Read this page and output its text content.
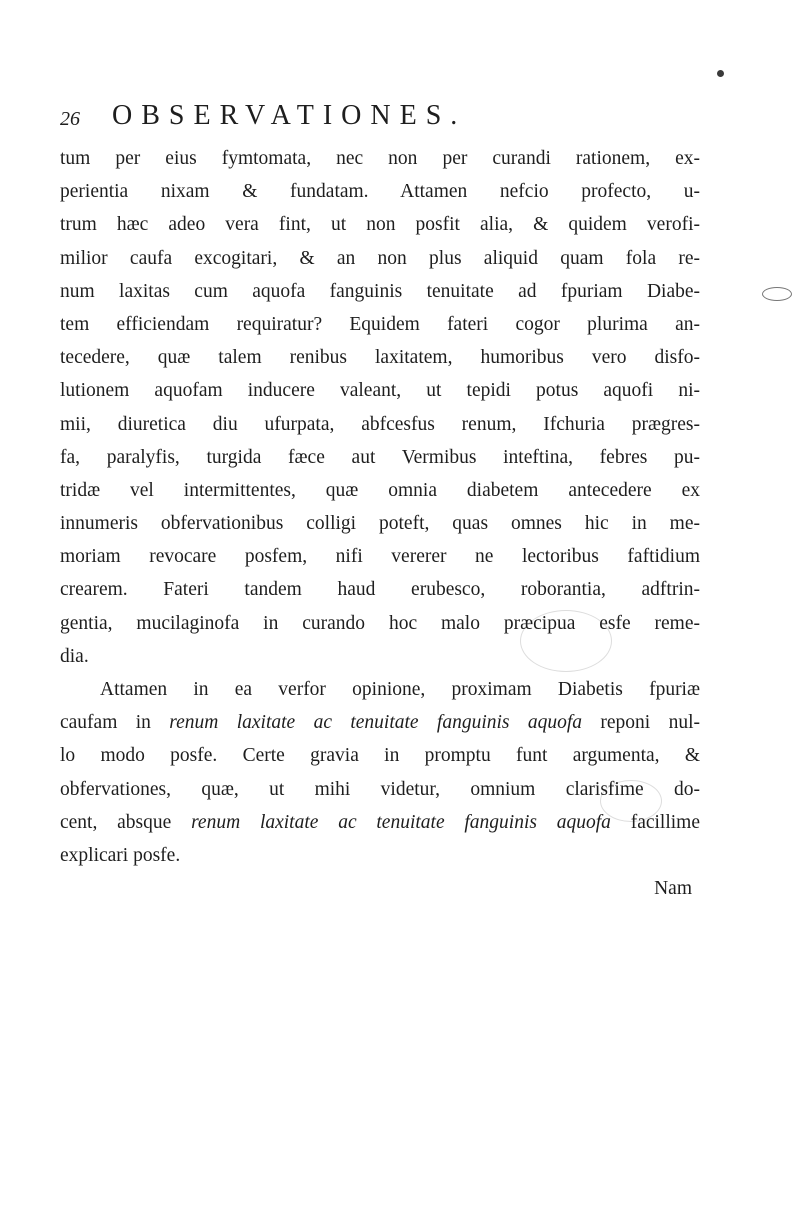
26 OBSERVATIONES.
tum per eius fymtomata, nec non per curandi rationem, ex-
perientia nixam & fundatam. Attamen nefcio profecto, u-
trum hæc adeo vera fint, ut non posfit alia, & quidem verofi-
milior caufa excogitari, & an non plus aliquid quam fola re-
num laxitas cum aquofa fanguinis tenuitate ad fpuriam Diabe-
tem efficiendam requiratur? Equidem fateri cogor plurima an-
tecedere, quæ talem renibus laxitatem, humoribus vero disfo-
lutionem aquofam inducere valeant, ut tepidi potus aquofi ni-
mii, diuretica diu ufurpata, abfcesfus renum, Ifchuria prægres-
fa, paralyfis, turgida fæce aut Vermibus inteftina, febres pu-
tridæ vel intermittentes, quæ omnia diabetem antecedere ex
innumeris obfervationibus colligi poteft, quas omnes hic in me-
moriam revocare posfem, nifi vererer ne lectoribus faftidium
crearem. Fateri tandem haud erubesco, roborantia, adftrin-
gentia, mucilaginofa in curando hoc malo præcipua esfe reme-
dia.
Attamen in ea verfor opinione, proximam Diabetis fpuriæ
caufam in renum laxitate ac tenuitate fanguinis aquofa reponi nul-
lo modo posfe. Certe gravia in promptu funt argumenta, &
obfervationes, quæ, ut mihi videtur, omnium clarisfime do-
cent, absque renum laxitate ac tenuitate fanguinis aquofa facillime
explicari posfe.
Nam
